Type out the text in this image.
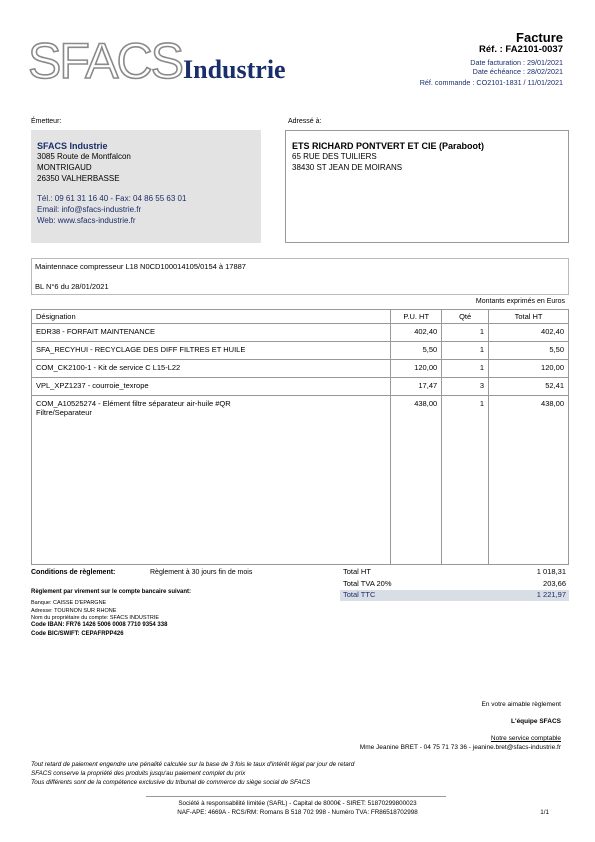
SFACS Industrie
Facture
Réf. : FA2101-0037
Date facturation : 29/01/2021
Date échéance : 28/02/2021
Réf. commande : CO2101-1831 / 11/01/2021
Émetteur:
SFACS Industrie
3085 Route de Montfalcon
MONTRIGAUD
26350 VALHERBASSE
Tél.: 09 61 31 16 40 - Fax: 04 86 55 63 01
Email: info@sfacs-industrie.fr
Web: www.sfacs-industrie.fr
Adressé à:
ETS RICHARD PONTVERT ET CIE (Paraboot)
65 RUE DES TUILIERS
38430 ST JEAN DE MOIRANS
Maintennace compresseur L18 N0CD100014105/0154 à 17887
BL N°6 du 28/01/2021
Montants exprimés en Euros
Désignation	P.U. HT	Qté	Total HT
EDR38 - FORFAIT MAINTENANCE	402,40	1	402,40
SFA_RECYHUI - RECYCLAGE DES DIFF FILTRES ET HUILE	5,50	1	5,50
COM_CK2100-1 - Kit de service C L15-L22	120,00	1	120,00
VPL_XPZ1237 - courroie_texrope	17,47	3	52,41

COM_A10525274 - Elément filtre séparateur air-huile #QR
Filtre/Separateur	438,00	1	438,00
Conditions de règlement:	Règlement à 30 jours fin de mois
Règlement par virement sur le compte bancaire suivant:
Banque: CAISSE D'EPARGNE
Adresse: TOURNON SUR RHONE
Nom du propriétaire du compte: SFACS INDUSTRIE
Code IBAN: FR76 1426 5006 0008 7710 9354 338
Code BIC/SWIFT: CEPAFRPP426
Total HT	1 018,31
Total TVA 20%	203,66
Total TTC	1 221,97
En votre aimable règlement
L'équipe SFACS
Notre service comptable
Mme Jeanine BRET - 04 75 71 73 36 - jeanine.bret@sfacs-industrie.fr
Tout retard de paiement engendre une pénalité calculée sur la base de 3 fois le taux d'intérêt légal par jour de retard
SFACS conserve la propriété des produits jusqu'au paiement complet du prix
Tous différents sont de la compétence exclusive du tribunal de commerce du siège social de SFACS
Société à responsabilité limitée (SARL) - Capital de 8000€ - SIRET: 51870299800023
NAF-APE: 4669A - RCS/RM: Romans B 518 702 998 - Numéro TVA: FR86518702998	1/1
